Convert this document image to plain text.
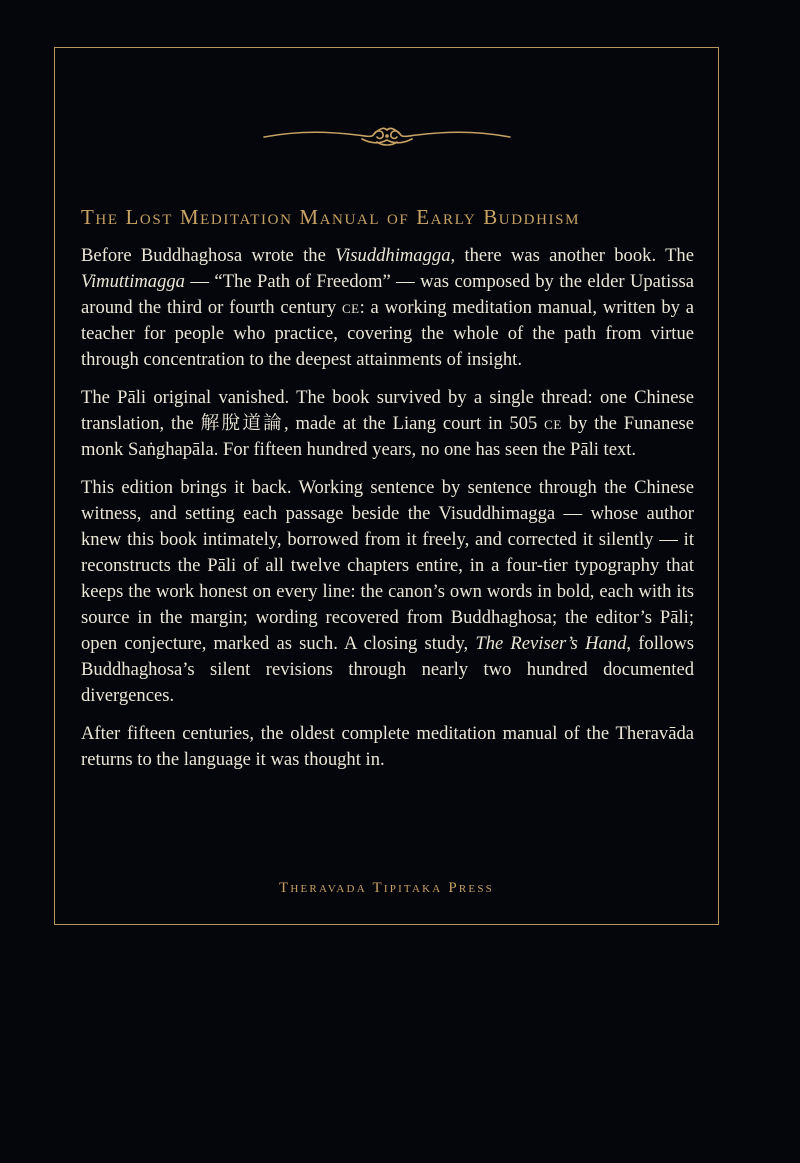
The Lost Meditation Manual of Early Buddhism

Before Buddhaghosa wrote the Visuddhimagga, there was another book. The Vimuttimagga — “The Path of Freedom” — was composed by the elder Upatissa around the third or fourth century ce: a working meditation manual, written by a teacher for people who practice, covering the whole of the path from virtue through concentration to the deepest attainments of insight.

The Pāli original vanished. The book survived by a single thread: one Chinese translation, the 解脫道論, made at the Liang court in 505 ce by the Funanese monk Saṅghapāla. For fifteen hundred years, no one has seen the Pāli text.

This edition brings it back. Working sentence by sentence through the Chinese witness, and setting each passage beside the Visuddhimagga — whose author knew this book intimately, borrowed from it freely, and corrected it silently — it reconstructs the Pāli of all twelve chapters entire, in a four-tier typography that keeps the work honest on every line: the canon’s own words in bold, each with its source in the margin; wording recovered from Buddhaghosa; the editor’s Pāli; open conjecture, marked as such. A closing study, The Reviser’s Hand, follows Buddhaghosa’s silent revisions through nearly two hundred documented divergences.

After fifteen centuries, the oldest complete meditation manual of the Theravāda returns to the language it was thought in.

Theravada Tipitaka Press
